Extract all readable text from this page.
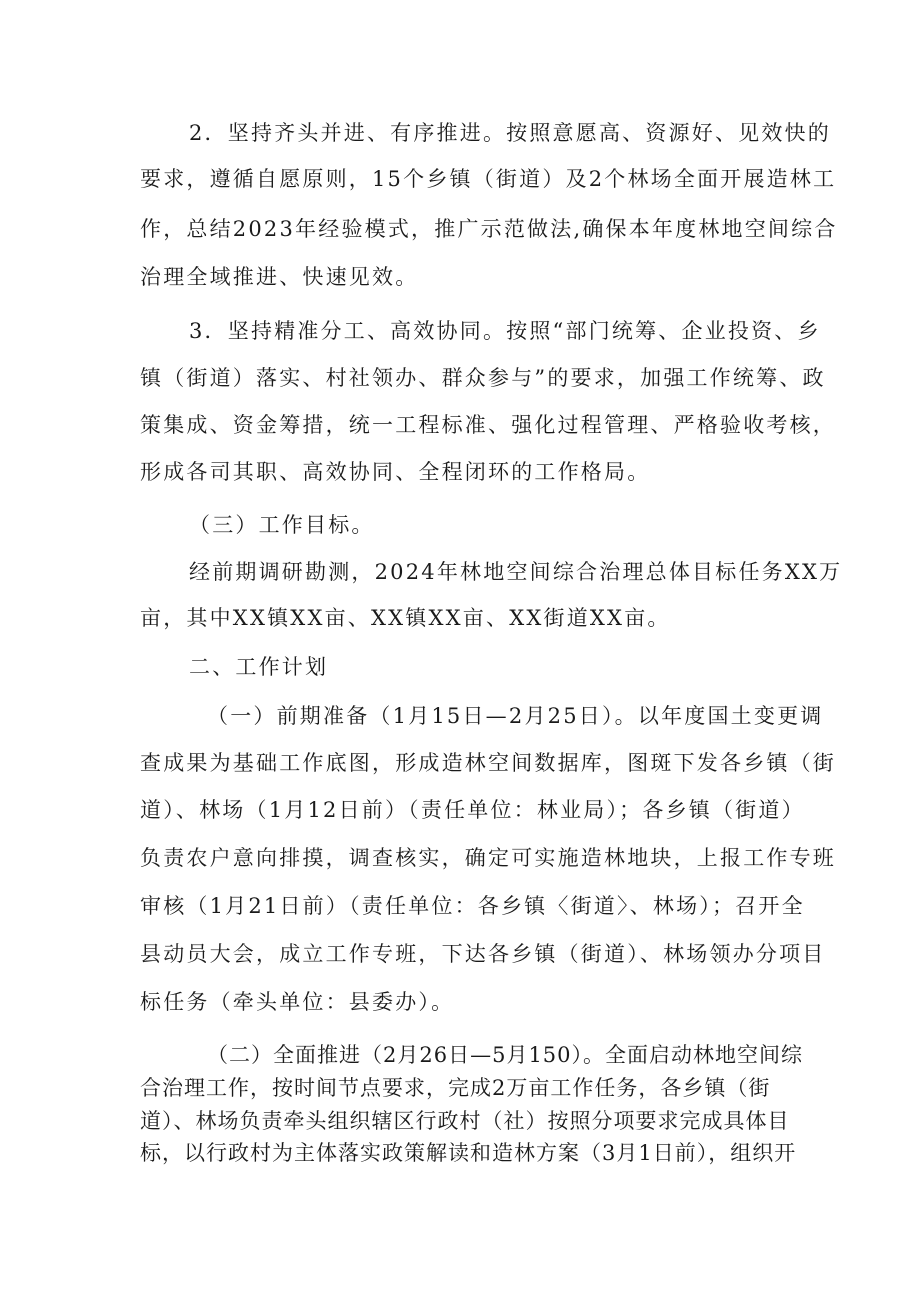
2．坚持齐头并进、有序推进。按照意愿高、资源好、见效快的
要求，遵循自愿原则，15个乡镇（街道）及2个林场全面开展造林工
作，总结2023年经验模式，推广示范做法,确保本年度林地空间综合
治理全域推进、快速见效。
3．坚持精准分工、高效协同。按照“部门统筹、企业投资、乡
镇（街道）落实、村社领办、群众参与”的要求，加强工作统筹、政
策集成、资金筹措，统一工程标准、强化过程管理、严格验收考核，
形成各司其职、高效协同、全程闭环的工作格局。
（三）工作目标。
经前期调研勘测，2024年林地空间综合治理总体目标任务XX万
亩，其中XX镇XX亩、XX镇XX亩、XX街道XX亩。
二、工作计划
（一）前期准备（1月15日—2月25日）。以年度国土变更调
查成果为基础工作底图，形成造林空间数据库，图斑下发各乡镇（街
道）、林场（1月12日前）（责任单位：林业局）；各乡镇（街道）
负责农户意向排摸，调查核实，确定可实施造林地块，上报工作专班
审核（1月21日前）（责任单位：各乡镇〈街道〉、林场）；召开全
县动员大会，成立工作专班，下达各乡镇（街道）、林场领办分项目
标任务（牵头单位：县委办）。
（二）全面推进（2月26日—5月150）。全面启动林地空间综
合治理工作，按时间节点要求，完成2万亩工作任务，各乡镇（街
道）、林场负责牵头组织辖区行政村（社）按照分项要求完成具体目
标，以行政村为主体落实政策解读和造林方案（3月1日前），组织开
